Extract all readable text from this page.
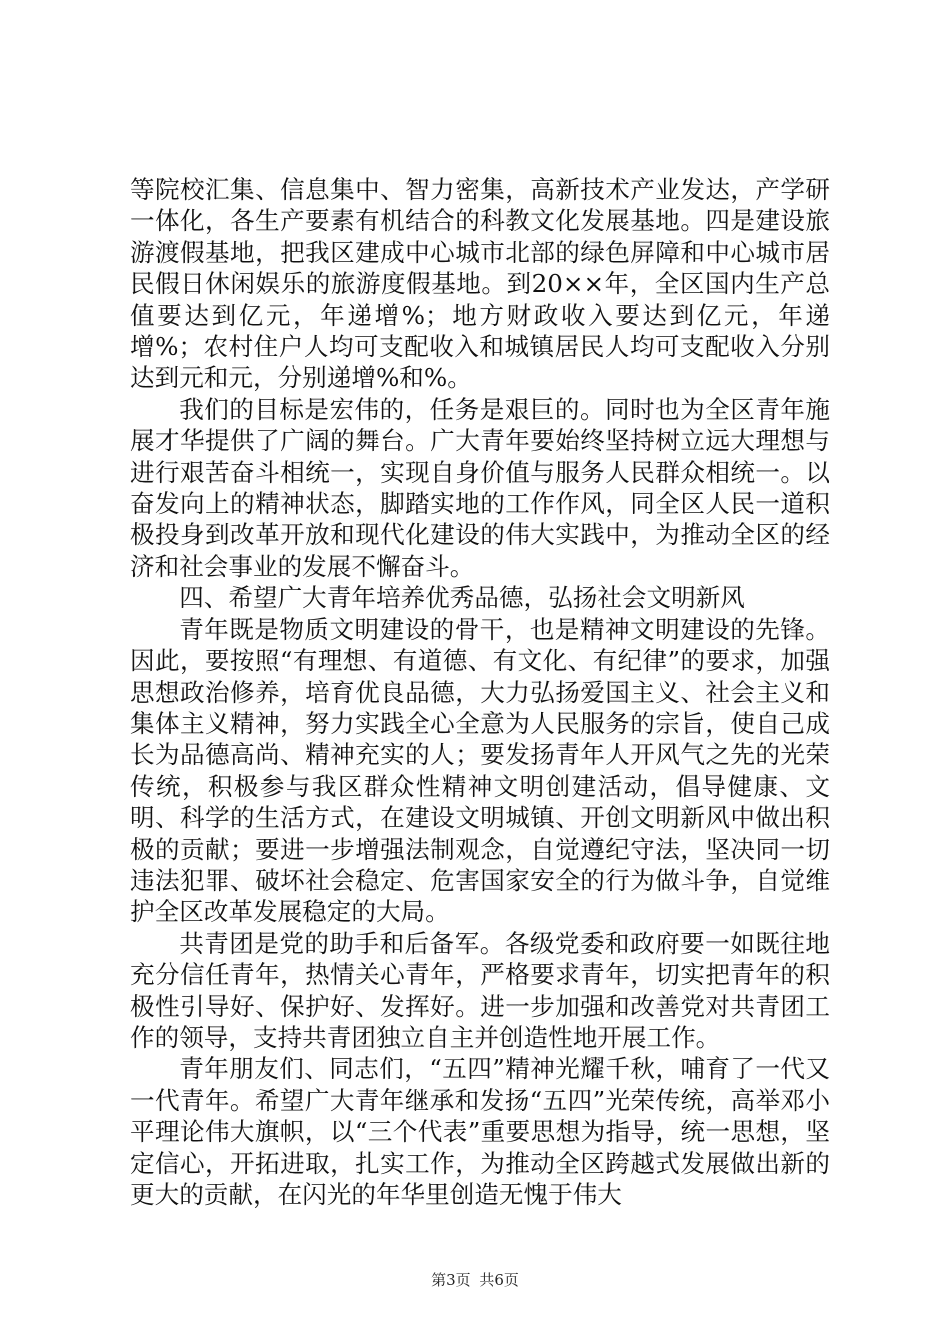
等院校汇集、信息集中、智力密集，高新技术产业发达，产学研一体化，各生产要素有机结合的科教文化发展基地。四是建设旅游渡假基地，把我区建成中心城市北部的绿色屏障和中心城市居民假日休闲娱乐的旅游度假基地。到20××年，全区国内生产总值要达到亿元，年递增%；地方财政收入要达到亿元，年递增%；农村住户人均可支配收入和城镇居民人均可支配收入分别达到元和元，分别递增%和%。

我们的目标是宏伟的，任务是艰巨的。同时也为全区青年施展才华提供了广阔的舞台。广大青年要始终坚持树立远大理想与进行艰苦奋斗相统一，实现自身价值与服务人民群众相统一。以奋发向上的精神状态，脚踏实地的工作作风，同全区人民一道积极投身到改革开放和现代化建设的伟大实践中，为推动全区的经济和社会事业的发展不懈奋斗。

四、希望广大青年培养优秀品德，弘扬社会文明新风

青年既是物质文明建设的骨干，也是精神文明建设的先锋。因此，要按照“有理想、有道德、有文化、有纪律”的要求，加强思想政治修养，培育优良品德，大力弘扬爱国主义、社会主义和集体主义精神，努力实践全心全意为人民服务的宗旨，使自己成长为品德高尚、精神充实的人；要发扬青年人开风气之先的光荣传统，积极参与我区群众性精神文明创建活动，倡导健康、文明、科学的生活方式，在建设文明城镇、开创文明新风中做出积极的贡献；要进一步增强法制观念，自觉遵纪守法，坚决同一切违法犯罪、破坏社会稳定、危害国家安全的行为做斗争，自觉维护全区改革发展稳定的大局。

共青团是党的助手和后备军。各级党委和政府要一如既往地充分信任青年，热情关心青年，严格要求青年，切实把青年的积极性引导好、保护好、发挥好。进一步加强和改善党对共青团工作的领导，支持共青团独立自主并创造性地开展工作。

青年朋友们、同志们，“五四”精神光耀千秋，哺育了一代又一代青年。希望广大青年继承和发扬“五四”光荣传统，高举邓小平理论伟大旗帜，以“三个代表”重要思想为指导，统一思想，坚定信心，开拓进取，扎实工作，为推动全区跨越式发展做出新的更大的贡献，在闪光的年华里创造无愧于伟大

第3页 共6页
